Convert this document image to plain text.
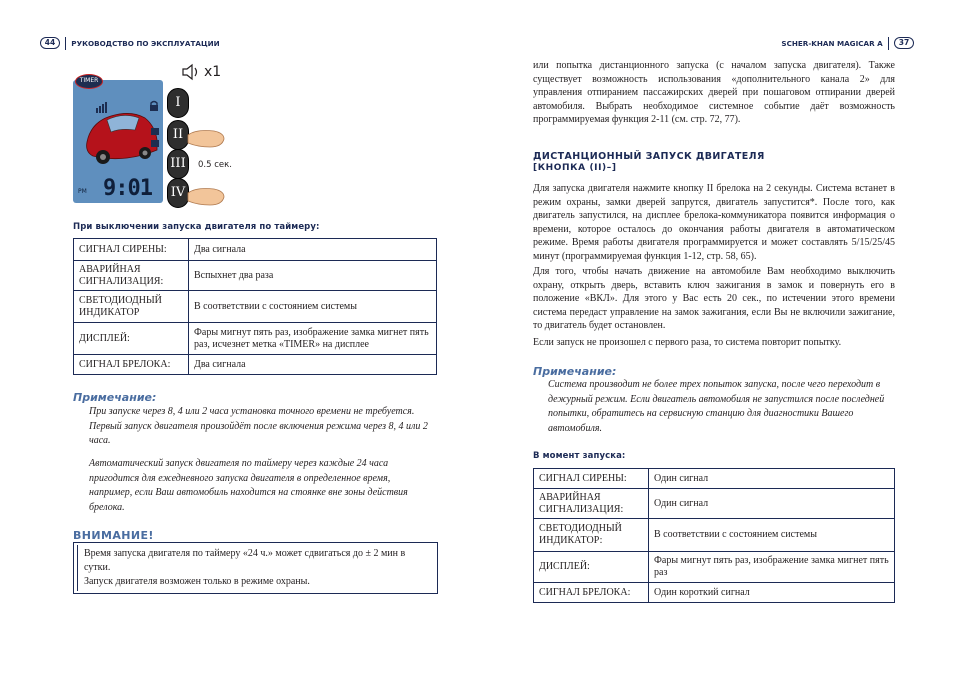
44	РУКОВОДСТВО ПО ЭКСПЛУАТАЦИИ	SCHER-KHAN MAGICAR A	37
9:01
PM
TIMER
x1
I
II
III
IV
0.5 сек.
При выключении запуска двигателя по таймеру:
СИГНАЛ СИРЕНЫ:	Два сигнала
АВАРИЙНАЯ СИГНАЛИЗАЦИЯ:	Вспыхнет два раза
СВЕТОДИОДНЫЙ ИНДИКАТОР	В соответствии с состоянием системы
ДИСПЛЕЙ:	Фары мигнут пять раз, изображение замка мигнет пять раз, исчезнет метка «TIMER» на дисплее
СИГНАЛ БРЕЛОКА:	Два сигнала
Примечание:
При запуске через 8, 4 или 2 часа установка точного времени не требуется. Первый запуск двигателя произойдёт после включения режима через 8, 4 или 2 часа.
Автоматический запуск двигателя по таймеру через каждые 24 часа пригодится для ежедневного запуска двигателя в определенное время, например, если Ваш автомобиль находится на стоянке вне зоны действия брелока.
ВНИМАНИЕ!
Время запуска двигателя по таймеру «24 ч.» может сдвигаться до ± 2 мин в сутки.
Запуск двигателя возможен только в режиме охраны.
или попытка дистанционного запуска (с началом запуска двигателя). Также существует возможность использования «дополнительного канала 2» для управления отпиранием пассажирских дверей при пошаговом отпирании дверей автомобиля. Выбрать необходимое системное событие даёт возможность программируемая функция 2-11 (см. стр. 72, 77).
ДИСТАНЦИОННЫЙ ЗАПУСК ДВИГАТЕЛЯ
[КНОПКА (II)–]
Для запуска двигателя нажмите кнопку II брелока на 2 секунды. Система встанет в режим охраны, замки дверей запрутся, двигатель запустится*. После того, как двигатель запустился, на дисплее брелока-коммуникатора появится информация о времени, которое осталось до окончания работы двигателя в автоматическом режиме. Время работы двигателя программируется и может составлять 5/15/25/45 минут (программируемая функция 1-12, стр. 58, 65).
Для того, чтобы начать движение на автомобиле Вам необходимо выключить охрану, открыть дверь, вставить ключ зажигания в замок и повернуть его в положение «ВКЛ». Для этого у Вас есть 20 сек., по истечении этого времени система передаст управление на замок зажигания, если Вы не включили зажигание, то двигатель будет остановлен.
Если запуск не произошел с первого раза, то система повторит попытку.
Примечание:
Система производит не более трех попыток запуска, после чего переходит в дежурный режим. Если двигатель автомобиля не запустился после последней попытки, обратитесь на сервисную станцию для диагностики Вашего автомобиля.
В момент запуска:
СИГНАЛ СИРЕНЫ:	Один сигнал
АВАРИЙНАЯ СИГНАЛИЗАЦИЯ:	Один сигнал
СВЕТОДИОДНЫЙ ИНДИКАТОР:	В соответствии с состоянием системы
ДИСПЛЕЙ:	Фары мигнут пять раз, изображение замка мигнет пять раз
СИГНАЛ БРЕЛОКА:	Один короткий сигнал
